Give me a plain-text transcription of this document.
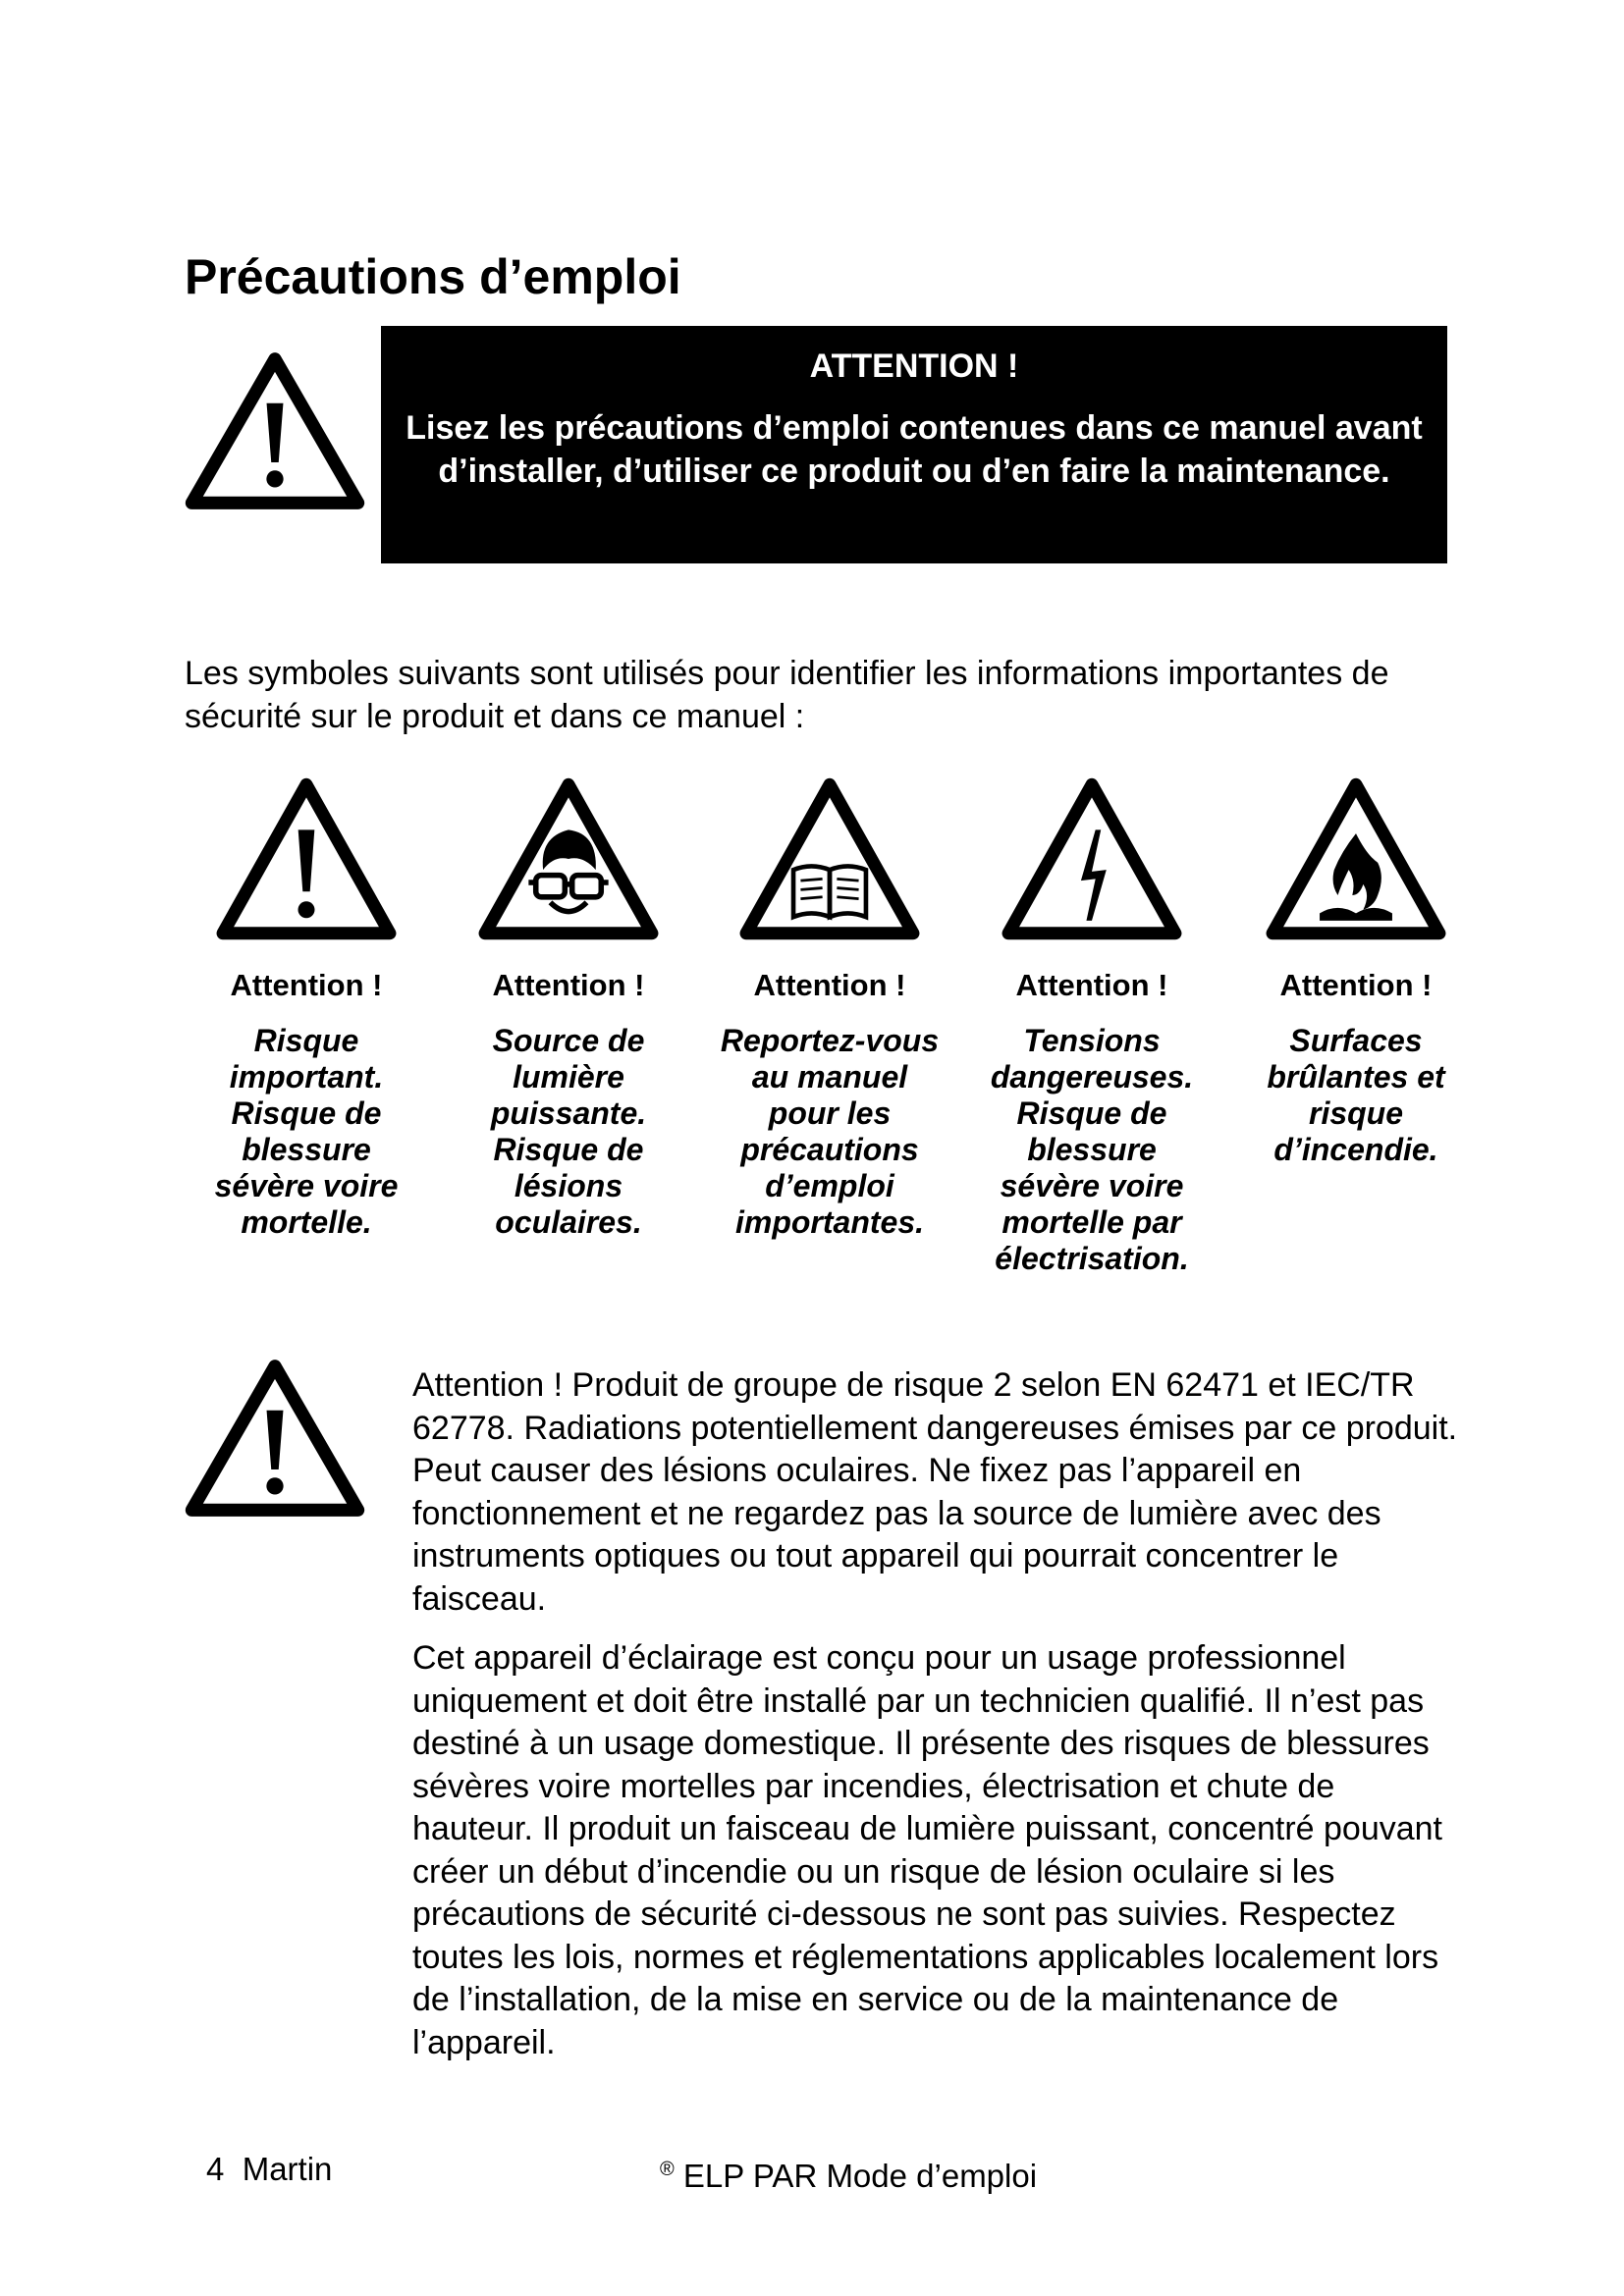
Précautions d’emploi
ATTENTION !
Lisez les précautions d’emploi contenues dans ce manuel avant d’installer, d’utiliser ce produit ou d’en faire la maintenance.

Les symboles suivants sont utilisés pour identifier les informations importantes de sécurité sur le produit et dans ce manuel :

Attention !
Risque
important.
Risque de
blessure
sévère voire
mortelle.
Attention !
Source de
lumière
puissante.
Risque de
lésions
oculaires.
Attention !
Reportez-vous
au manuel
pour les
précautions
d’emploi
importantes.
Attention !
Tensions
dangereuses.
Risque de
blessure
sévère voire
mortelle par
électrisation.
Attention !
Surfaces
brûlantes et
risque
d’incendie.

Attention ! Produit de groupe de risque 2 selon EN 62471 et IEC/TR 62778. Radiations potentiellement dangereuses émises par ce produit. Peut causer des lésions oculaires. Ne fixez pas l’appareil en fonctionnement et ne regardez pas la source de lumière avec des instruments optiques ou tout appareil qui pourrait concentrer le faisceau.

Cet appareil d’éclairage est conçu pour un usage professionnel uniquement et doit être installé par un technicien qualifié. Il n’est pas destiné à un usage domestique. Il présente des risques de blessures sévères voire mortelles par incendies, électrisation et chute de hauteur. Il produit un faisceau de lumière puissant, concentré pouvant créer un début d’incendie ou un risque de lésion oculaire si les précautions de sécurité ci-dessous ne sont pas suivies. Respectez toutes les lois, normes et réglementations applicables localement lors de l’installation, de la mise en service ou de la maintenance de l’appareil.

4 Martin	® ELP PAR Mode d’emploi
